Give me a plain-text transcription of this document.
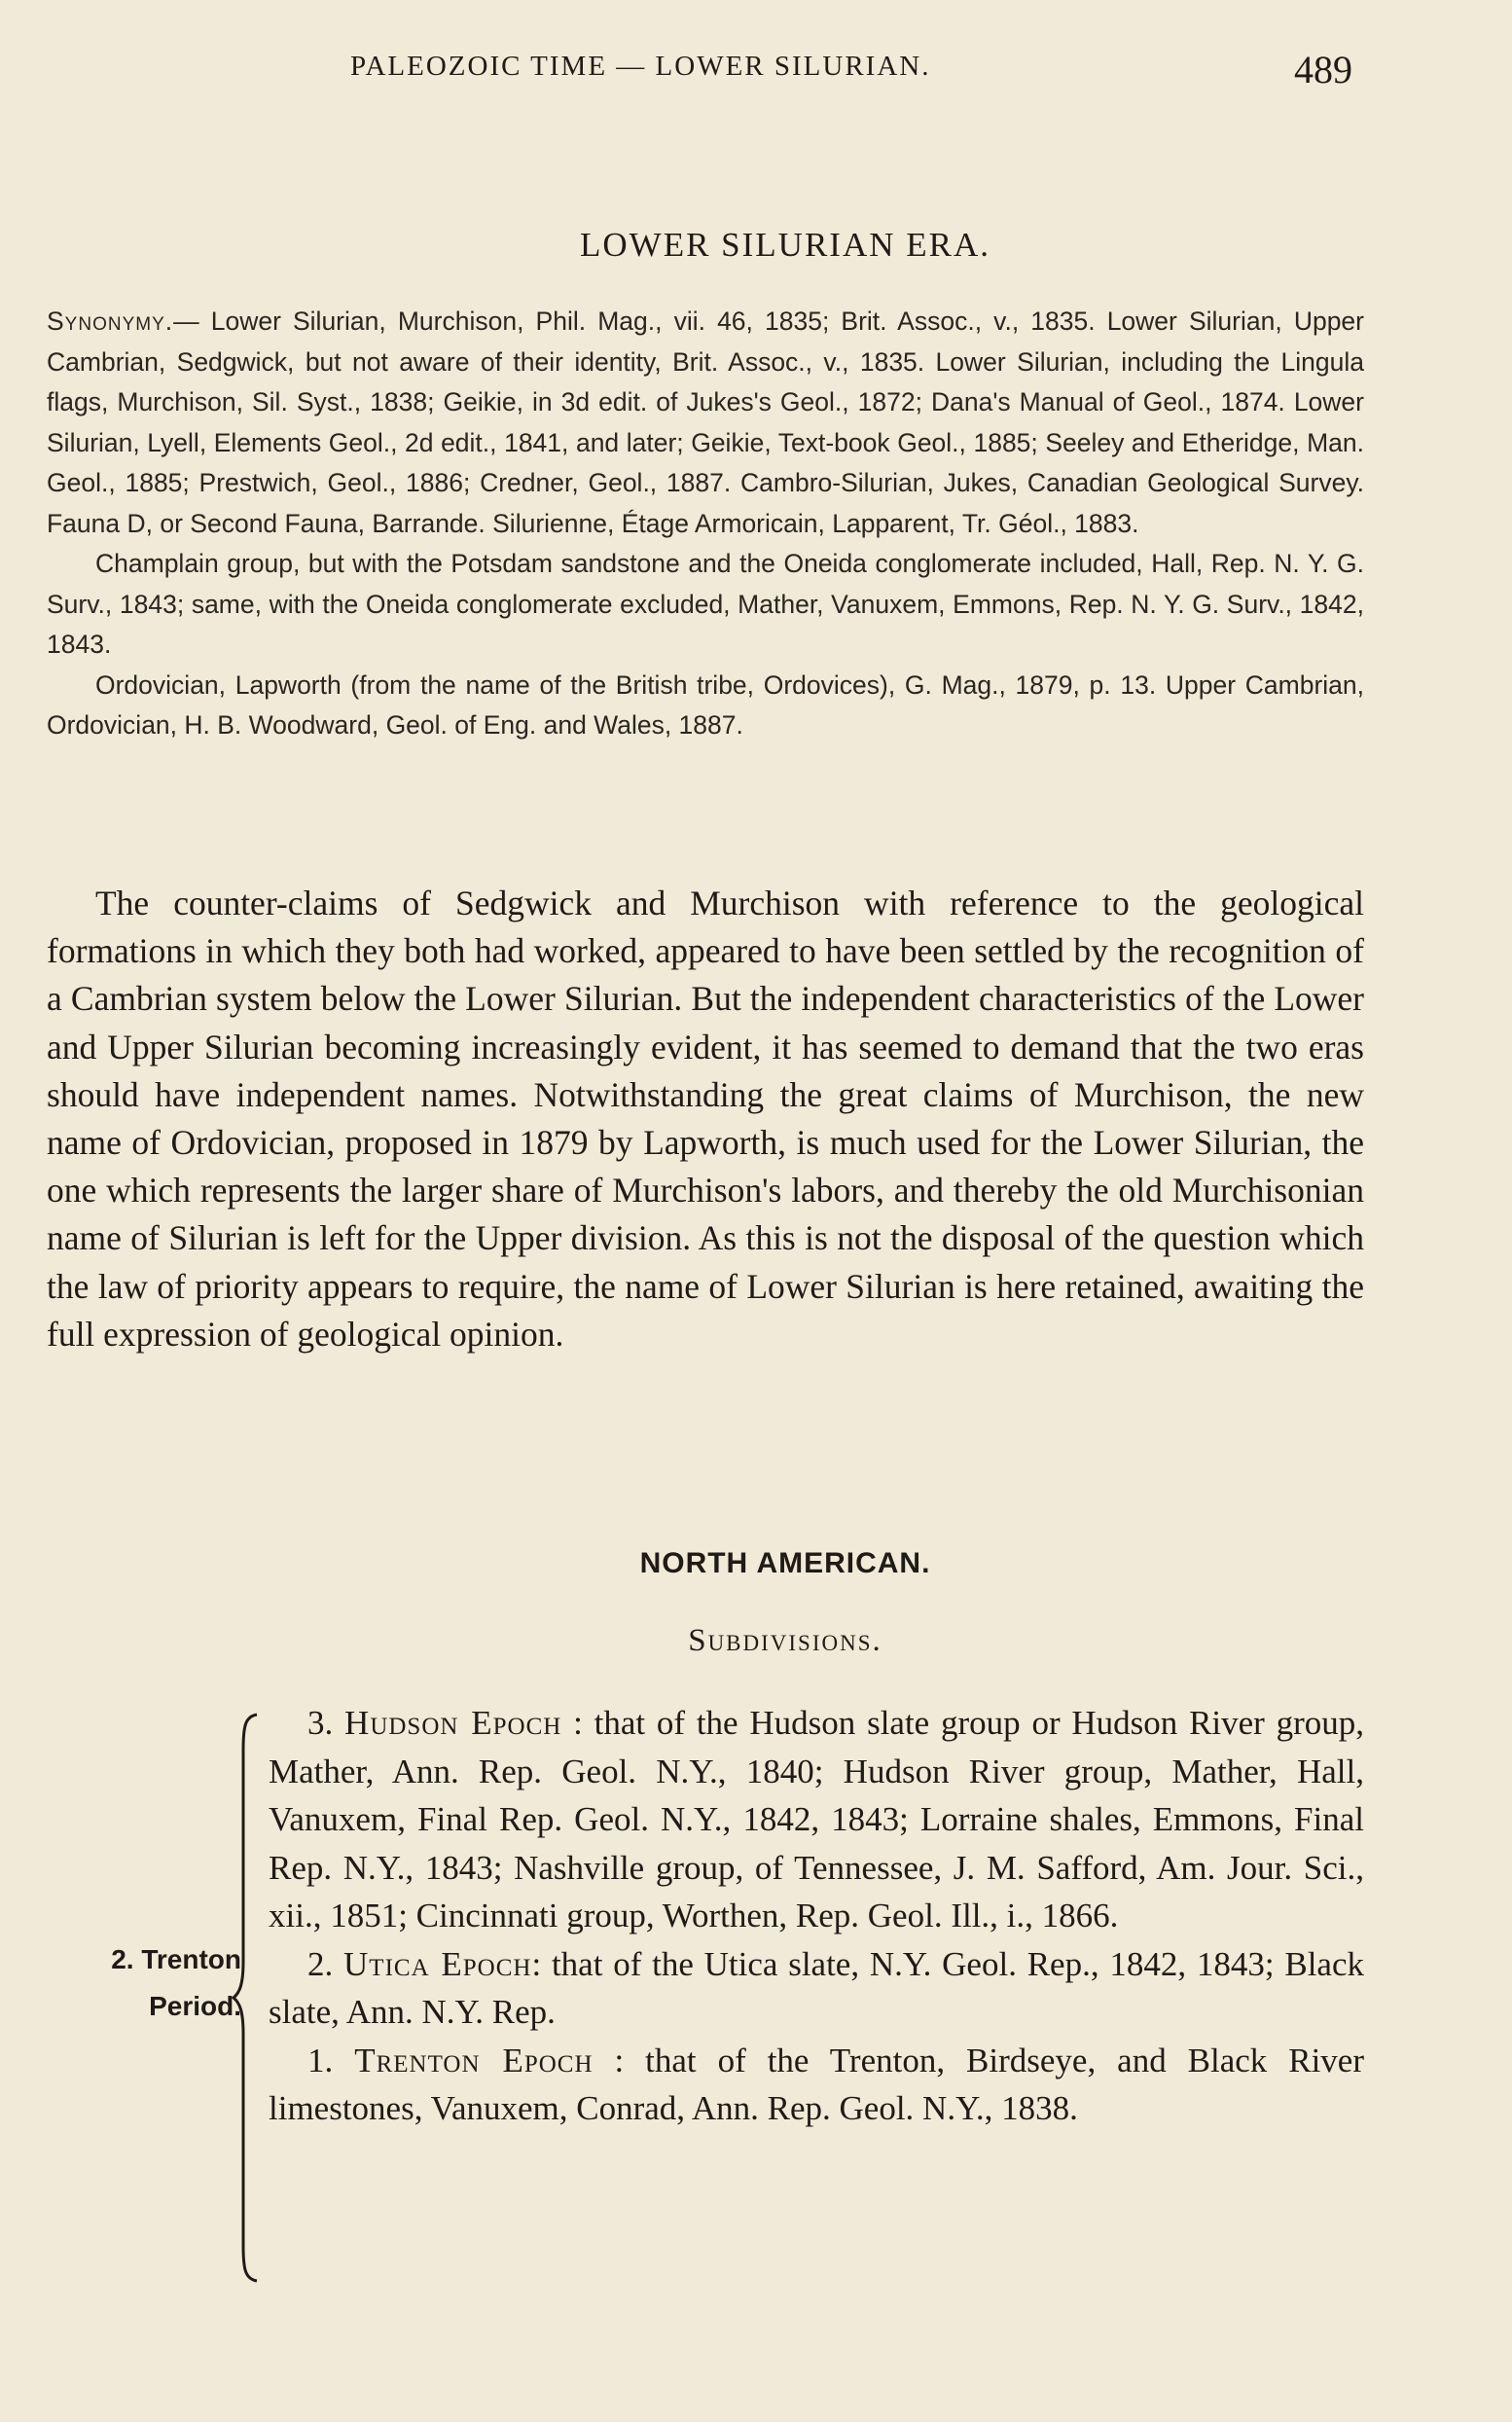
PALEOZOIC TIME — LOWER SILURIAN.	489
LOWER SILURIAN ERA.

Synonymy.— Lower Silurian, Murchison, Phil. Mag., vii. 46, 1835; Brit. Assoc., v., 1835. Lower Silurian, Upper Cambrian, Sedgwick, but not aware of their identity, Brit. Assoc., v., 1835. Lower Silurian, including the Lingula flags, Murchison, Sil. Syst., 1838; Geikie, in 3d edit. of Jukes's Geol., 1872; Dana's Manual of Geol., 1874. Lower Silurian, Lyell, Elements Geol., 2d edit., 1841, and later; Geikie, Text-book Geol., 1885; Seeley and Etheridge, Man. Geol., 1885; Prestwich, Geol., 1886; Credner, Geol., 1887. Cambro-Silurian, Jukes, Canadian Geological Survey. Fauna D, or Second Fauna, Barrande. Silurienne, Étage Armoricain, Lapparent, Tr. Géol., 1883.

Champlain group, but with the Potsdam sandstone and the Oneida conglomerate included, Hall, Rep. N. Y. G. Surv., 1843; same, with the Oneida conglomerate excluded, Mather, Vanuxem, Emmons, Rep. N. Y. G. Surv., 1842, 1843.

Ordovician, Lapworth (from the name of the British tribe, Ordovices), G. Mag., 1879, p. 13. Upper Cambrian, Ordovician, H. B. Woodward, Geol. of Eng. and Wales, 1887.

The counter-claims of Sedgwick and Murchison with reference to the geological formations in which they both had worked, appeared to have been settled by the recognition of a Cambrian system below the Lower Silurian. But the independent characteristics of the Lower and Upper Silurian becoming increasingly evident, it has seemed to demand that the two eras should have independent names. Notwithstanding the great claims of Murchison, the new name of Ordovician, proposed in 1879 by Lapworth, is much used for the Lower Silurian, the one which represents the larger share of Murchison's labors, and thereby the old Murchisonian name of Silurian is left for the Upper division. As this is not the disposal of the question which the law of priority appears to require, the name of Lower Silurian is here retained, awaiting the full expression of geological opinion.

NORTH AMERICAN.
Subdivisions.
2. Trenton
Period.

3. Hudson Epoch : that of the Hudson slate group or Hudson River group, Mather, Ann. Rep. Geol. N.Y., 1840; Hudson River group, Mather, Hall, Vanuxem, Final Rep. Geol. N.Y., 1842, 1843; Lorraine shales, Emmons, Final Rep. N.Y., 1843; Nashville group, of Tennessee, J. M. Safford, Am. Jour. Sci., xii., 1851; Cincinnati group, Worthen, Rep. Geol. Ill., i., 1866.

2. Utica Epoch: that of the Utica slate, N.Y. Geol. Rep., 1842, 1843; Black slate, Ann. N.Y. Rep.

1. Trenton Epoch : that of the Trenton, Birdseye, and Black River limestones, Vanuxem, Conrad, Ann. Rep. Geol. N.Y., 1838.
